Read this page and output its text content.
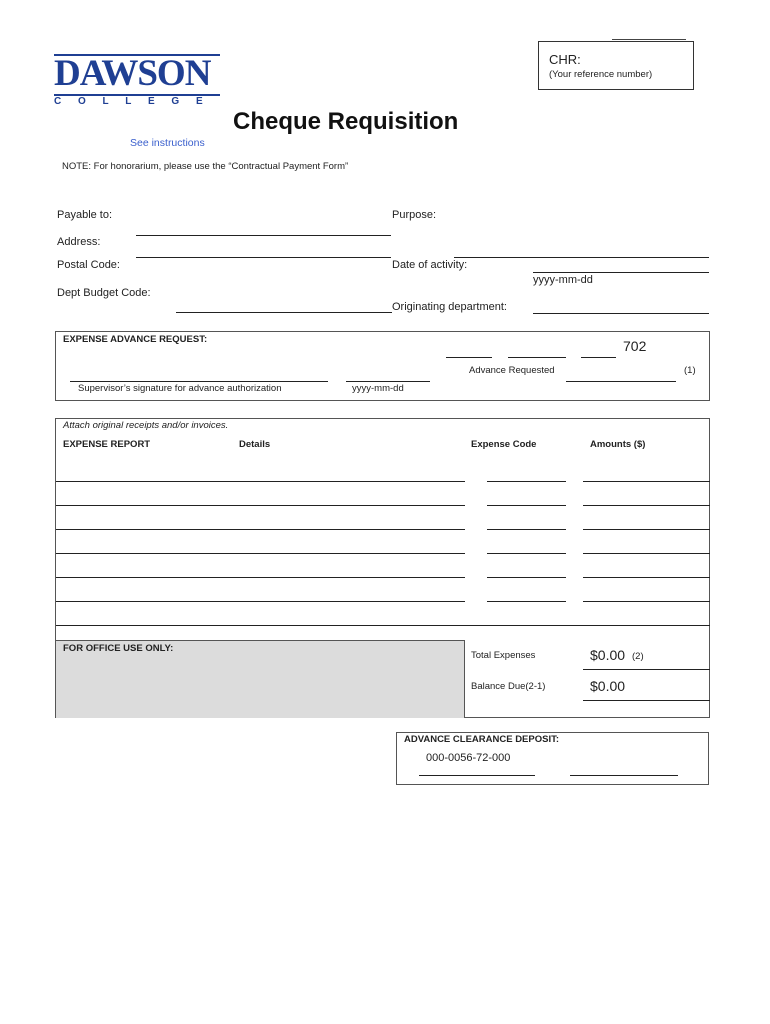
DAWSON
C O L L E G E
CHR:
(Your reference number)
Cheque Requisition
See instructions
NOTE: For honorarium, please use the “Contractual Payment Form”
Payable to:
Address:
Postal Code:
Dept Budget Code:
Purpose:
Date of activity:
yyyy-mm-dd
Originating department:
EXPENSE ADVANCE REQUEST:	702
Advance Requested	(1)
Supervisor’s signature for advance authorization	yyyy-mm-dd
Attach original receipts and/or invoices.
EXPENSE REPORT	Details	Expense Code	Amounts ($)
FOR OFFICE USE ONLY:
Total Expenses	$0.00 (2)
Balance Due(2-1)	$0.00
ADVANCE CLEARANCE DEPOSIT:
000-0056-72-000
